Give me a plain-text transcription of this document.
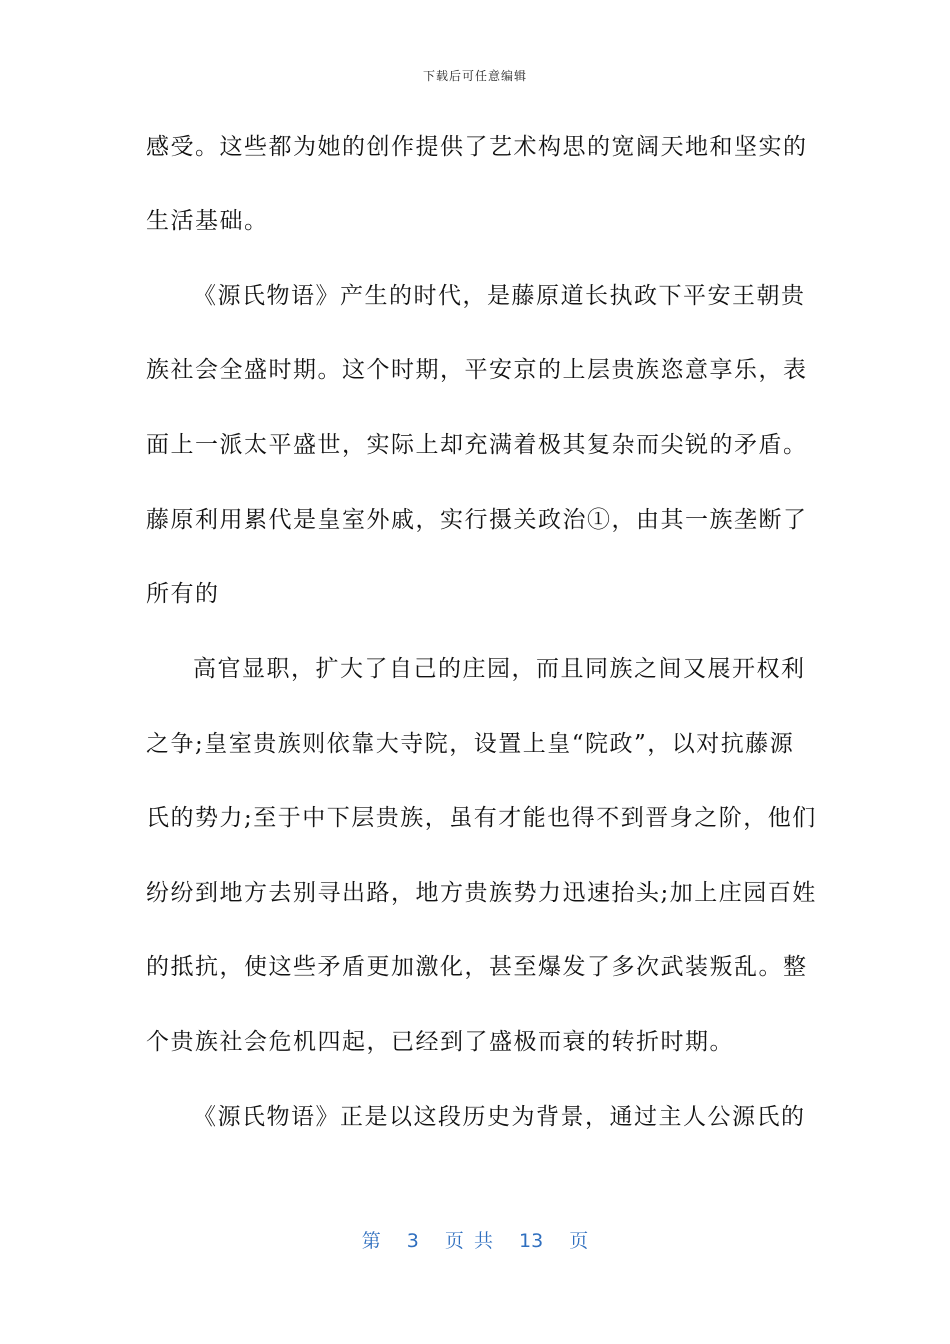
下载后可任意编辑
感受。这些都为她的创作提供了艺术构思的宽阔天地和坚实的
生活基础。
《源氏物语》产生的时代，是藤原道长执政下平安王朝贵
族社会全盛时期。这个时期，平安京的上层贵族恣意享乐，表
面上一派太平盛世，实际上却充满着极其复杂而尖锐的矛盾。
藤原利用累代是皇室外戚，实行摄关政治①，由其一族垄断了
所有的
高官显职，扩大了自己的庄园，而且同族之间又展开权利
之争;皇室贵族则依靠大寺院，设置上皇“院政”，以对抗藤源
氏的势力;至于中下层贵族，虽有才能也得不到晋身之阶，他们
纷纷到地方去别寻出路，地方贵族势力迅速抬头;加上庄园百姓
的抵抗，使这些矛盾更加激化，甚至爆发了多次武装叛乱。整
个贵族社会危机四起，已经到了盛极而衰的转折时期。
《源氏物语》正是以这段历史为背景，通过主人公源氏的
第 3 页 共 13 页
